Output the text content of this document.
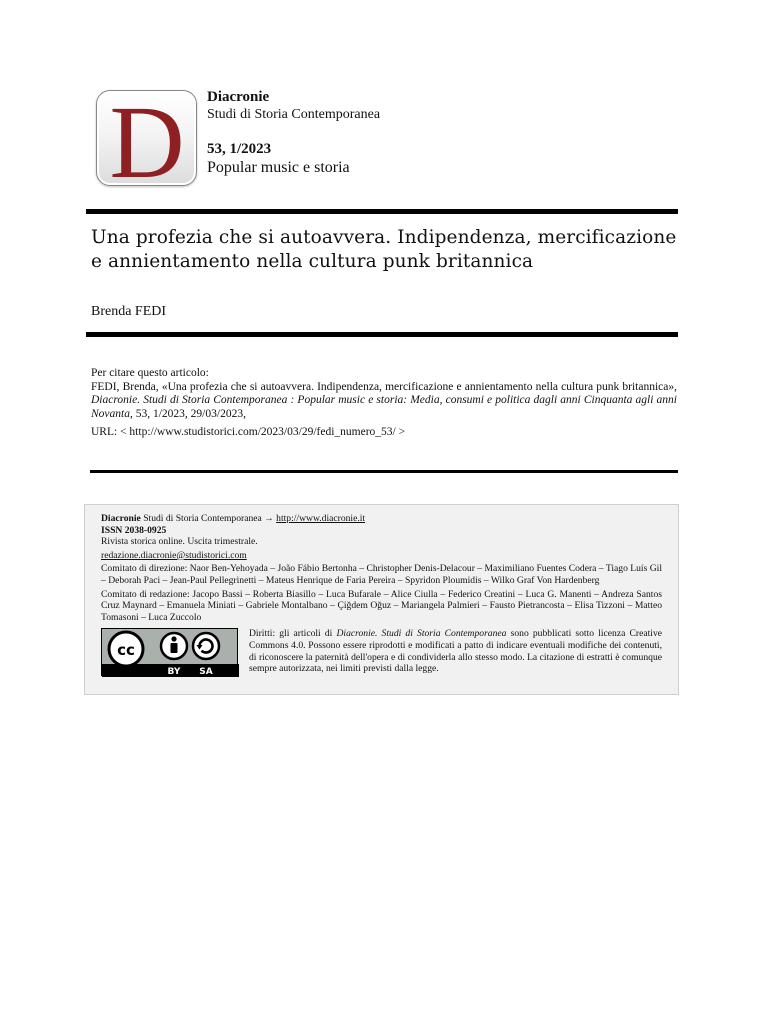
D Diacronie
Studi di Storia Contemporanea
53, 1/2023
Popular music e storia
Una profezia che si autoavvera. Indipendenza, mercificazione
e annientamento nella cultura punk britannica
Brenda FEDI
Per citare questo articolo:
FEDI, Brenda, «Una profezia che si autoavvera. Indipendenza, mercificazione e annientamento nella cultura punk britannica», Diacronie. Studi di Storia Contemporanea : Popular music e storia: Media, consumi e politica dagli anni Cinquanta agli anni Novanta, 53, 1/2023, 29/03/2023,
URL: < http://www.studistorici.com/2023/03/29/fedi_numero_53/ >

Diacronie Studi di Storia Contemporanea → http://www.diacronie.it

ISSN 2038-0925

Rivista storica online. Uscita trimestrale.

redazione.diacronie@studistorici.com

Comitato di direzione: Naor Ben-Yehoyada – João Fábio Bertonha – Christopher Denis-Delacour – Maximiliano Fuentes Codera – Tiago Luís Gil – Deborah Paci – Jean-Paul Pellegrinetti – Mateus Henrique de Faria Pereira – Spyridon Ploumidis – Wilko Graf Von Hardenberg

Comitato di redazione: Jacopo Bassi – Roberta Biasillo – Luca Bufarale – Alice Ciulla – Federico Creatini – Luca G. Manenti – Andreza Santos Cruz Maynard – Emanuela Miniati – Gabriele Montalbano – Çiğdem Oğuz – Mariangela Palmieri – Fausto Pietrancosta – Elisa Tizzoni – Matteo Tomasoni – Luca Zuccolo

cc
BY SA

Diritti: gli articoli di Diacronie. Studi di Storia Contemporanea sono pubblicati sotto licenza Creative Commons 4.0. Possono essere riprodotti e modificati a patto di indicare eventuali modifiche dei contenuti, di riconoscere la paternità dell'opera e di condividerla allo stesso modo. La citazione di estratti è comunque sempre autorizzata, nei limiti previsti dalla legge.
